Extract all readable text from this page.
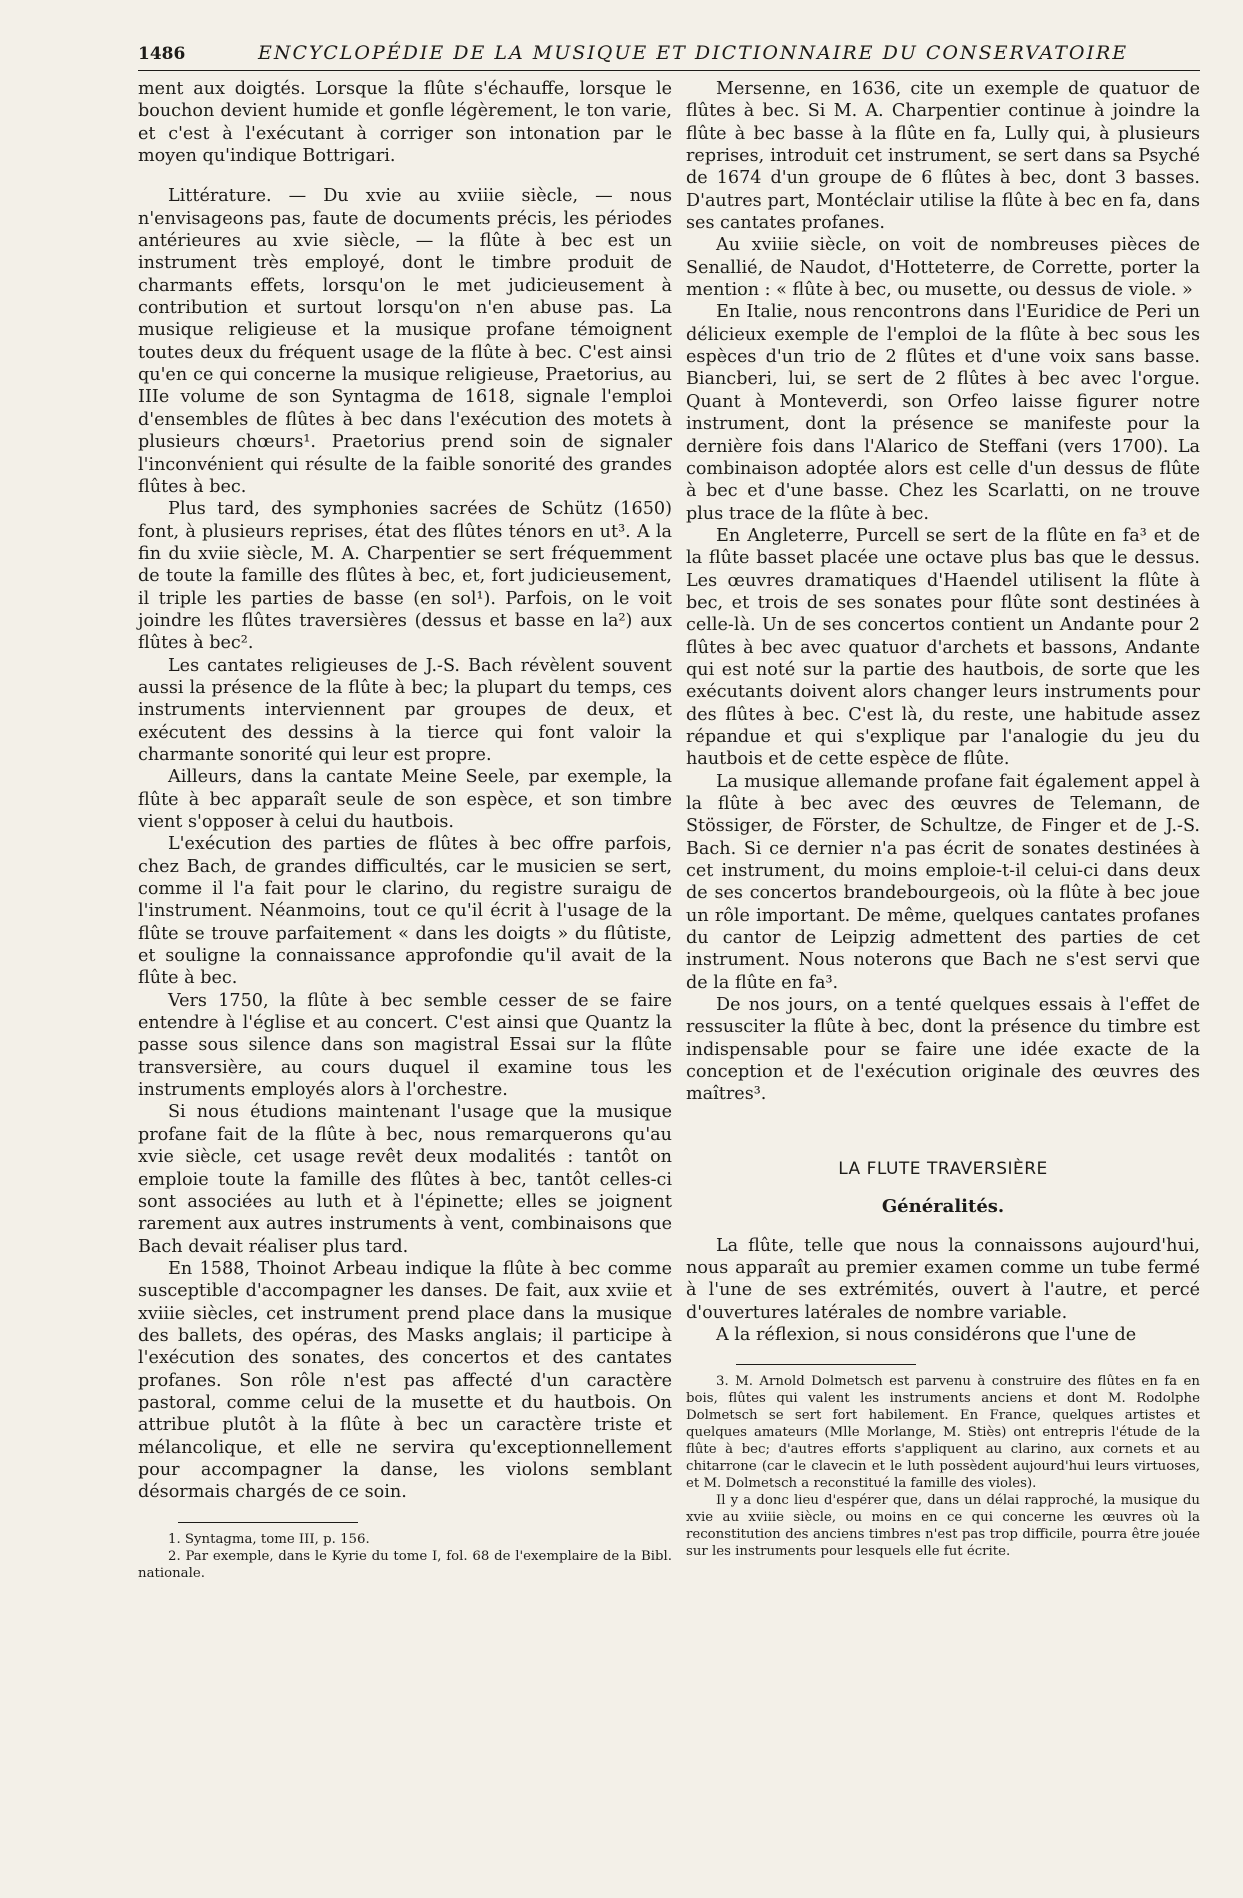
1486	ENCYCLOPÉDIE DE LA MUSIQUE ET DICTIONNAIRE DU CONSERVATOIRE

ment aux doigtés. Lorsque la flûte s'échauffe, lorsque le bouchon devient humide et gonfle légèrement, le ton varie, et c'est à l'exécutant à corriger son intonation par le moyen qu'indique Bottrigari.

Littérature. — Du xvie au xviiie siècle, — nous n'envisageons pas, faute de documents précis, les périodes antérieures au xvie siècle, — la flûte à bec est un instrument très employé, dont le timbre produit de charmants effets, lorsqu'on le met judicieusement à contribution et surtout lorsqu'on n'en abuse pas. La musique religieuse et la musique profane témoignent toutes deux du fréquent usage de la flûte à bec. C'est ainsi qu'en ce qui concerne la musique religieuse, Praetorius, au IIIe volume de son Syntagma de 1618, signale l'emploi d'ensembles de flûtes à bec dans l'exécution des motets à plusieurs chœurs¹. Praetorius prend soin de signaler l'inconvénient qui résulte de la faible sonorité des grandes flûtes à bec.

Plus tard, des symphonies sacrées de Schütz (1650) font, à plusieurs reprises, état des flûtes ténors en ut³. A la fin du xviie siècle, M. A. Charpentier se sert fréquemment de toute la famille des flûtes à bec, et, fort judicieusement, il triple les parties de basse (en sol¹). Parfois, on le voit joindre les flûtes traversières (dessus et basse en la²) aux flûtes à bec².

Les cantates religieuses de J.-S. Bach révèlent souvent aussi la présence de la flûte à bec; la plupart du temps, ces instruments interviennent par groupes de deux, et exécutent des dessins à la tierce qui font valoir la charmante sonorité qui leur est propre.

Ailleurs, dans la cantate Meine Seele, par exemple, la flûte à bec apparaît seule de son espèce, et son timbre vient s'opposer à celui du hautbois.

L'exécution des parties de flûtes à bec offre parfois, chez Bach, de grandes difficultés, car le musicien se sert, comme il l'a fait pour le clarino, du registre suraigu de l'instrument. Néanmoins, tout ce qu'il écrit à l'usage de la flûte se trouve parfaitement « dans les doigts » du flûtiste, et souligne la connaissance approfondie qu'il avait de la flûte à bec.

Vers 1750, la flûte à bec semble cesser de se faire entendre à l'église et au concert. C'est ainsi que Quantz la passe sous silence dans son magistral Essai sur la flûte transversière, au cours duquel il examine tous les instruments employés alors à l'orchestre.

Si nous étudions maintenant l'usage que la musique profane fait de la flûte à bec, nous remarquerons qu'au xvie siècle, cet usage revêt deux modalités : tantôt on emploie toute la famille des flûtes à bec, tantôt celles-ci sont associées au luth et à l'épinette; elles se joignent rarement aux autres instruments à vent, combinaisons que Bach devait réaliser plus tard.

En 1588, Thoinot Arbeau indique la flûte à bec comme susceptible d'accompagner les danses. De fait, aux xviie et xviiie siècles, cet instrument prend place dans la musique des ballets, des opéras, des Masks anglais; il participe à l'exécution des sonates, des concertos et des cantates profanes. Son rôle n'est pas affecté d'un caractère pastoral, comme celui de la musette et du hautbois. On attribue plutôt à la flûte à bec un caractère triste et mélancolique, et elle ne servira qu'exceptionnellement pour accompagner la danse, les violons semblant désormais chargés de ce soin.

1. Syntagma, tome III, p. 156.

2. Par exemple, dans le Kyrie du tome I, fol. 68 de l'exemplaire de la Bibl. nationale.

Mersenne, en 1636, cite un exemple de quatuor de flûtes à bec. Si M. A. Charpentier continue à joindre la flûte à bec basse à la flûte en fa, Lully qui, à plusieurs reprises, introduit cet instrument, se sert dans sa Psyché de 1674 d'un groupe de 6 flûtes à bec, dont 3 basses. D'autres part, Montéclair utilise la flûte à bec en fa, dans ses cantates profanes.

Au xviiie siècle, on voit de nombreuses pièces de Senallié, de Naudot, d'Hotteterre, de Corrette, porter la mention : « flûte à bec, ou musette, ou dessus de viole. »

En Italie, nous rencontrons dans l'Euridice de Peri un délicieux exemple de l'emploi de la flûte à bec sous les espèces d'un trio de 2 flûtes et d'une voix sans basse. Biancberi, lui, se sert de 2 flûtes à bec avec l'orgue. Quant à Monteverdi, son Orfeo laisse figurer notre instrument, dont la présence se manifeste pour la dernière fois dans l'Alarico de Steffani (vers 1700). La combinaison adoptée alors est celle d'un dessus de flûte à bec et d'une basse. Chez les Scarlatti, on ne trouve plus trace de la flûte à bec.

En Angleterre, Purcell se sert de la flûte en fa³ et de la flûte basset placée une octave plus bas que le dessus. Les œuvres dramatiques d'Haendel utilisent la flûte à bec, et trois de ses sonates pour flûte sont destinées à celle-là. Un de ses concertos contient un Andante pour 2 flûtes à bec avec quatuor d'archets et bassons, Andante qui est noté sur la partie des hautbois, de sorte que les exécutants doivent alors changer leurs instruments pour des flûtes à bec. C'est là, du reste, une habitude assez répandue et qui s'explique par l'analogie du jeu du hautbois et de cette espèce de flûte.

La musique allemande profane fait également appel à la flûte à bec avec des œuvres de Telemann, de Stössiger, de Förster, de Schultze, de Finger et de J.-S. Bach. Si ce dernier n'a pas écrit de sonates destinées à cet instrument, du moins emploie-t-il celui-ci dans deux de ses concertos brandebourgeois, où la flûte à bec joue un rôle important. De même, quelques cantates profanes du cantor de Leipzig admettent des parties de cet instrument. Nous noterons que Bach ne s'est servi que de la flûte en fa³.

De nos jours, on a tenté quelques essais à l'effet de ressusciter la flûte à bec, dont la présence du timbre est indispensable pour se faire une idée exacte de la conception et de l'exécution originale des œuvres des maîtres³.

LA FLUTE TRAVERSIÈRE
Généralités.

La flûte, telle que nous la connaissons aujourd'hui, nous apparaît au premier examen comme un tube fermé à l'une de ses extrémités, ouvert à l'autre, et percé d'ouvertures latérales de nombre variable.

A la réflexion, si nous considérons que l'une de

3. M. Arnold Dolmetsch est parvenu à construire des flûtes en fa en bois, flûtes qui valent les instruments anciens et dont M. Rodolphe Dolmetsch se sert fort habilement. En France, quelques artistes et quelques amateurs (Mlle Morlange, M. Stiès) ont entrepris l'étude de la flûte à bec; d'autres efforts s'appliquent au clarino, aux cornets et au chitarrone (car le clavecin et le luth possèdent aujourd'hui leurs virtuoses, et M. Dolmetsch a reconstitué la famille des violes).

Il y a donc lieu d'espérer que, dans un délai rapproché, la musique du xvie au xviiie siècle, ou moins en ce qui concerne les œuvres où la reconstitution des anciens timbres n'est pas trop difficile, pourra être jouée sur les instruments pour lesquels elle fut écrite.
